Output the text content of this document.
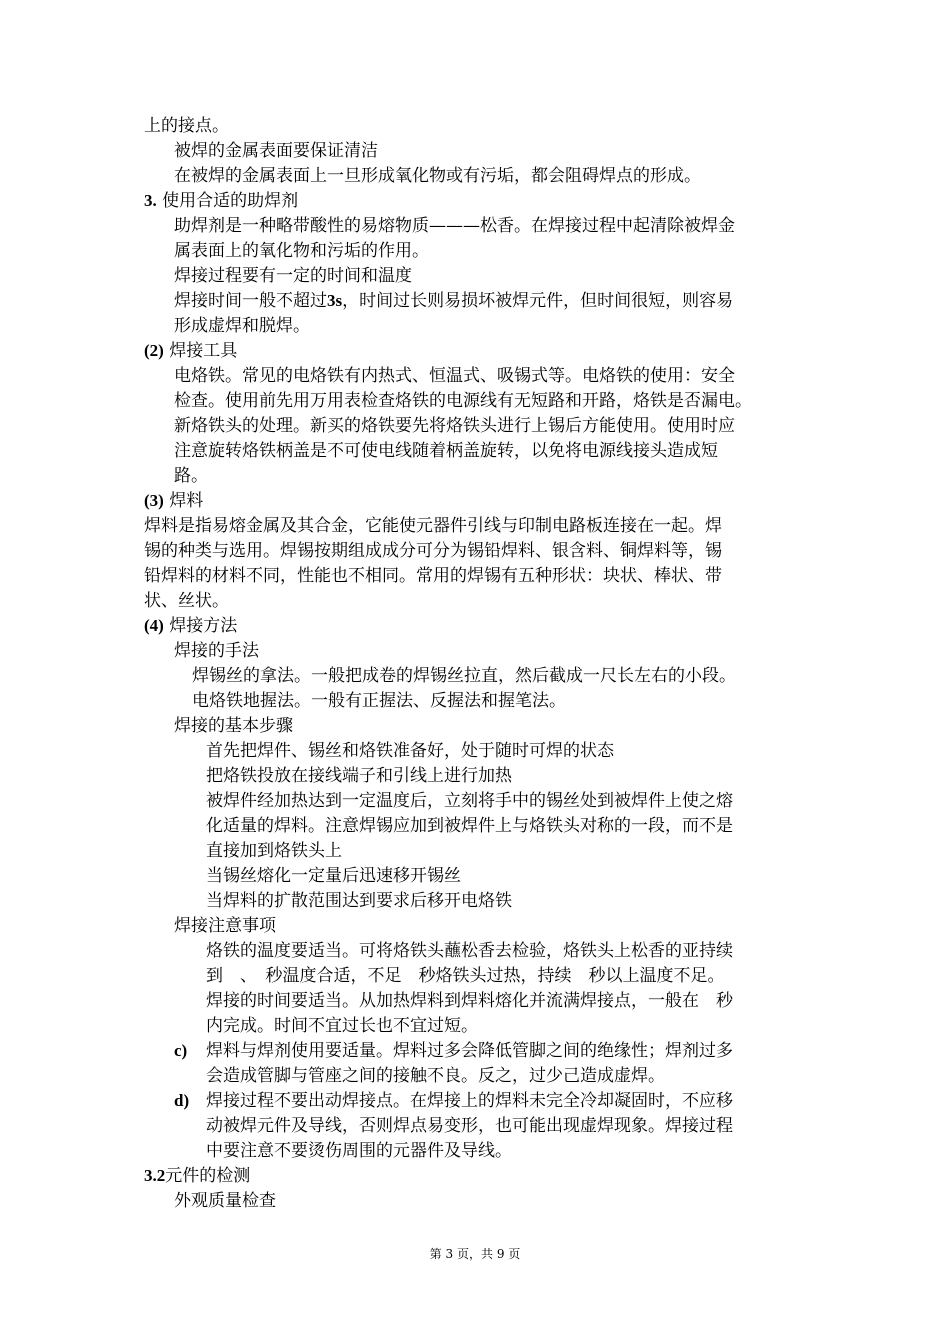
上的接点。
被焊的金属表面要保证清洁
在被焊的金属表面上一旦形成氧化物或有污垢，都会阻碍焊点的形成。
3. 使用合适的助焊剂
助焊剂是一种略带酸性的易熔物质———松香。在焊接过程中起清除被焊金
属表面上的氧化物和污垢的作用。
焊接过程要有一定的时间和温度
焊接时间一般不超过3s，时间过长则易损坏被焊元件，但时间很短，则容易
形成虚焊和脱焊。
(2) 焊接工具
电烙铁。常见的电烙铁有内热式、恒温式、吸锡式等。电烙铁的使用：安全
检查。使用前先用万用表检查烙铁的电源线有无短路和开路，烙铁是否漏电。
新烙铁头的处理。新买的烙铁要先将烙铁头进行上锡后方能使用。使用时应
注意旋转烙铁柄盖是不可使电线随着柄盖旋转，以免将电源线接头造成短
路。
(3) 焊料
焊料是指易熔金属及其合金，它能使元器件引线与印制电路板连接在一起。焊
锡的种类与选用。焊锡按期组成成分可分为锡铅焊料、银含料、铜焊料等，锡
铅焊料的材料不同，性能也不相同。常用的焊锡有五种形状：块状、棒状、带
状、丝状。
(4) 焊接方法
焊接的手法
焊锡丝的拿法。一般把成卷的焊锡丝拉直，然后截成一尺长左右的小段。
电烙铁地握法。一般有正握法、反握法和握笔法。
焊接的基本步骤
首先把焊件、锡丝和烙铁准备好，处于随时可焊的状态
把烙铁投放在接线端子和引线上进行加热
被焊件经加热达到一定温度后，立刻将手中的锡丝处到被焊件上使之熔
化适量的焊料。注意焊锡应加到被焊件上与烙铁头对称的一段，而不是
直接加到烙铁头上
当锡丝熔化一定量后迅速移开锡丝
当焊料的扩散范围达到要求后移开电烙铁
焊接注意事项
烙铁的温度要适当。可将烙铁头蘸松香去检验，烙铁头上松香的亚持续
到　、　秒温度合适，不足　秒烙铁头过热，持续　秒以上温度不足。
焊接的时间要适当。从加热焊料到焊料熔化并流满焊接点，一般在　秒
内完成。时间不宜过长也不宜过短。
c) 焊料与焊剂使用要适量。焊料过多会降低管脚之间的绝缘性；焊剂过多
会造成管脚与管座之间的接触不良。反之，过少己造成虚焊。
d) 焊接过程不要出动焊接点。在焊接上的焊料未完全冷却凝固时，不应移
动被焊元件及导线，否则焊点易变形，也可能出现虚焊现象。焊接过程
中要注意不要烫伤周围的元器件及导线。
3.2元件的检测
外观质量检查
第 3 页，共 9 页
